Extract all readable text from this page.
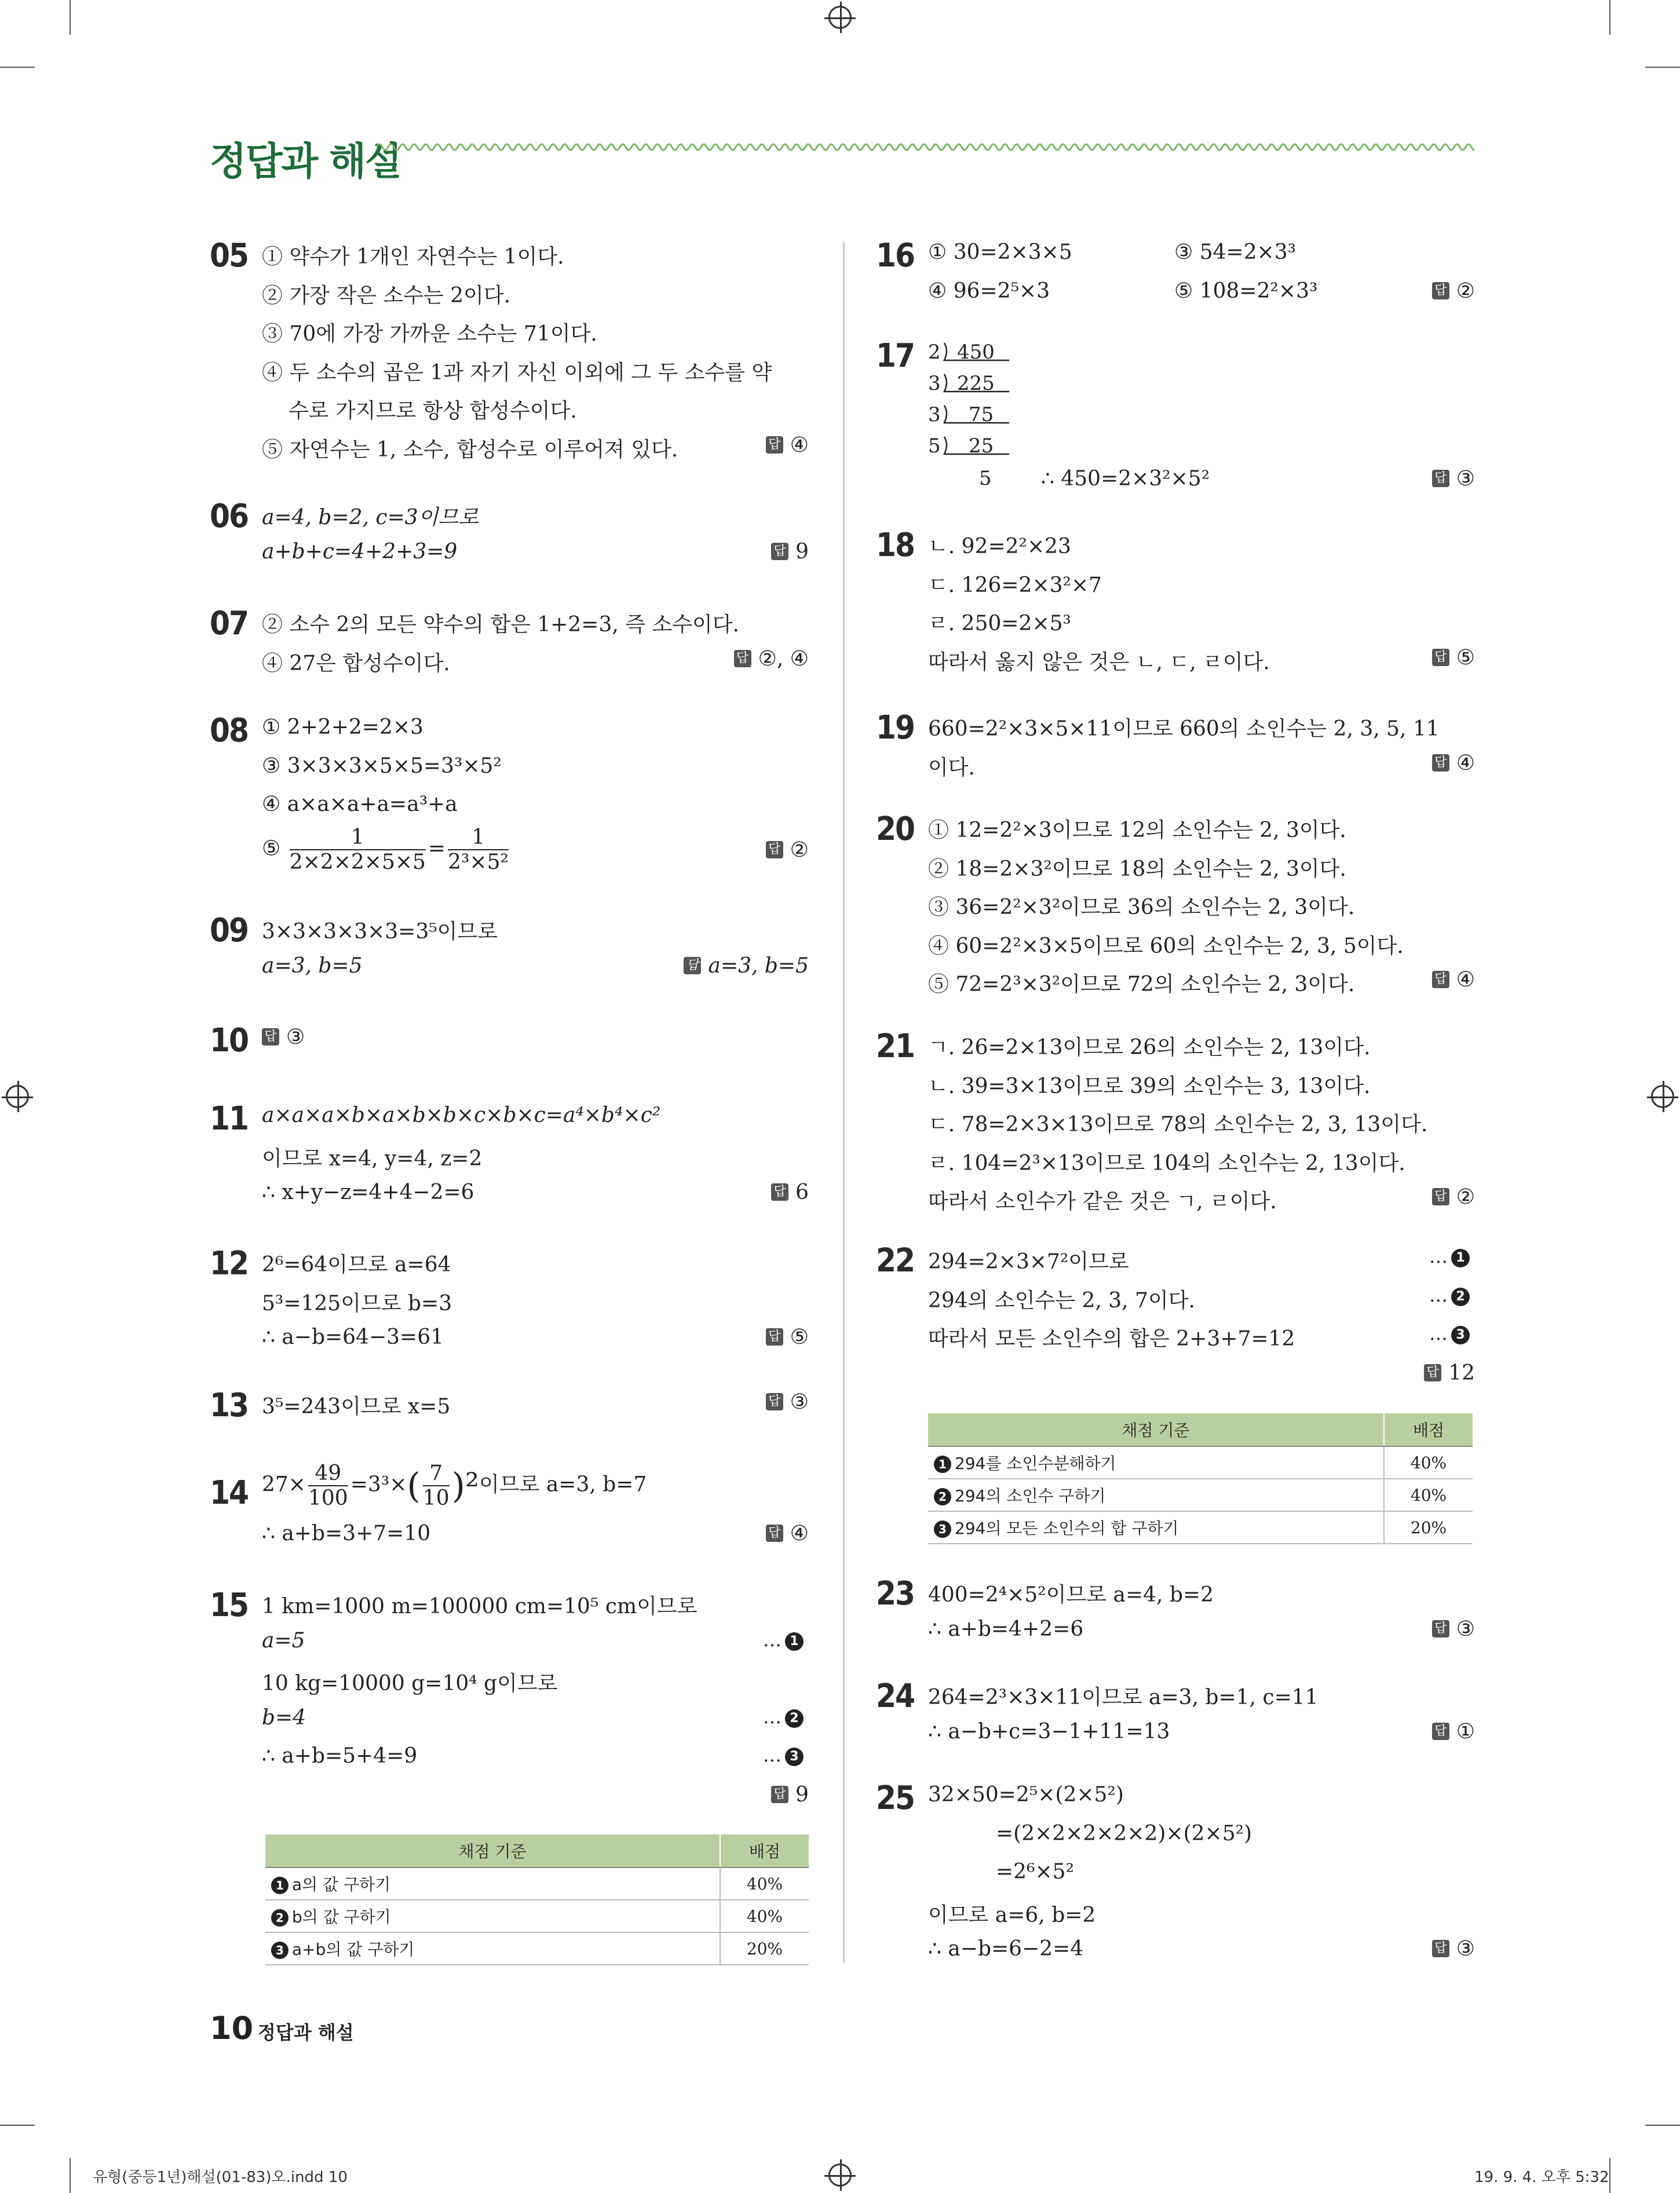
정답과 해설
05 ① 약수가 1개인 자연수는 1이다.
② 가장 작은 소수는 2이다.
③ 70에 가장 가까운 소수는 71이다.
④ 두 소수의 곱은 1과 자기 자신 이외에 그 두 소수를 약
수로 가지므로 항상 합성수이다.
⑤ 자연수는 1, 소수, 합성수로 이루어져 있다.	답 ④
06 a=4, b=2, c=3이므로
a+b+c=4+2+3=9	답 9
07 ② 소수 2의 모든 약수의 합은 1+2=3, 즉 소수이다.
④ 27은 합성수이다.	답 ②, ④
08 ① 2+2+2=2×3
③ 3×3×3×5×5=3³×5²
④ a×a×a+a=a³+a
⑤ $\frac{1}{2\times 2\times 2\times 5\times 5} = \frac{1}{\text{2³×5²}}$	답 ②
09 3×3×3×3×3=3⁵이므로
a=3, b=5	답 a=3, b=5
10 답 ③
11 a×a×a×b×a×b×b×c×b×c=a⁴×b⁴×c²
이므로 x=4, y=4, z=2
∴ x+y−z=4+4−2=6	답 6
12 2⁶=64이므로 a=64
5³=125이므로 b=3
∴ a−b=64−3=61	답 ⑤
13 3⁵=243이므로 x=5	답 ③
14 $27\times \frac{49}{100} =3^3\times( \frac{7}{10} )^2$이므로 a=3, b=7
∴ a+b=3+7=10	답 ④
15 1 km=1000 m=100000 cm=10⁵ cm이므로
a=5
10 kg=10000 g=10⁴ g이므로
b=4
∴ a+b=5+4=9
… 1
… 2
… 3
답 9
채점 기준	배점
1 a의 값 구하기	40%
2 b의 값 구하기	40%
3 a+b의 값 구하기	20%
16 ① 30=2×3×5	③ 54=2×3³
④ 96=2⁵×3	⑤ 108=2²×3³	답 ②
17 2 450
3 225
3 75
5 25
5 ∴ 450=2×3²×5²	답 ③
18 ㄴ. 92=2²×23
ㄷ. 126=2×3²×7
ㄹ. 250=2×5³
따라서 옳지 않은 것은 ㄴ, ㄷ, ㄹ이다.	답 ⑤
19 660=2²×3×5×11이므로 660의 소인수는 2, 3, 5, 11
이다.	답 ④
20 ① 12=2²×3이므로 12의 소인수는 2, 3이다.
② 18=2×3²이므로 18의 소인수는 2, 3이다.
③ 36=2²×3²이므로 36의 소인수는 2, 3이다.
④ 60=2²×3×5이므로 60의 소인수는 2, 3, 5이다.
⑤ 72=2³×3²이므로 72의 소인수는 2, 3이다.	답 ④
21 ㄱ. 26=2×13이므로 26의 소인수는 2, 13이다.
ㄴ. 39=3×13이므로 39의 소인수는 3, 13이다.
ㄷ. 78=2×3×13이므로 78의 소인수는 2, 3, 13이다.
ㄹ. 104=2³×13이므로 104의 소인수는 2, 13이다.
따라서 소인수가 같은 것은 ㄱ, ㄹ이다.	답 ②
22 294=2×3×7²이므로
294의 소인수는 2, 3, 7이다.
따라서 모든 소인수의 합은 2+3+7=12
… 1
… 2
… 3
답 12
채점 기준	배점
1 294를 소인수분해하기	40%
2 294의 소인수 구하기	40%
3 294의 모든 소인수의 합 구하기	20%
23 400=2⁴×5²이므로 a=4, b=2
∴ a+b=4+2=6	답 ③
24 264=2³×3×11이므로 a=3, b=1, c=11
∴ a−b+c=3−1+11=13	답 ①
25 32×50=2⁵×(2×5²)
=(2×2×2×2×2)×(2×5²)
=2⁶×5²
이므로 a=6, b=2
∴ a−b=6−2=4	답 ③
10 정답과 해설
유형(중등1년)해설(01-83)오.indd 10	19. 9. 4. 오후 5:32
